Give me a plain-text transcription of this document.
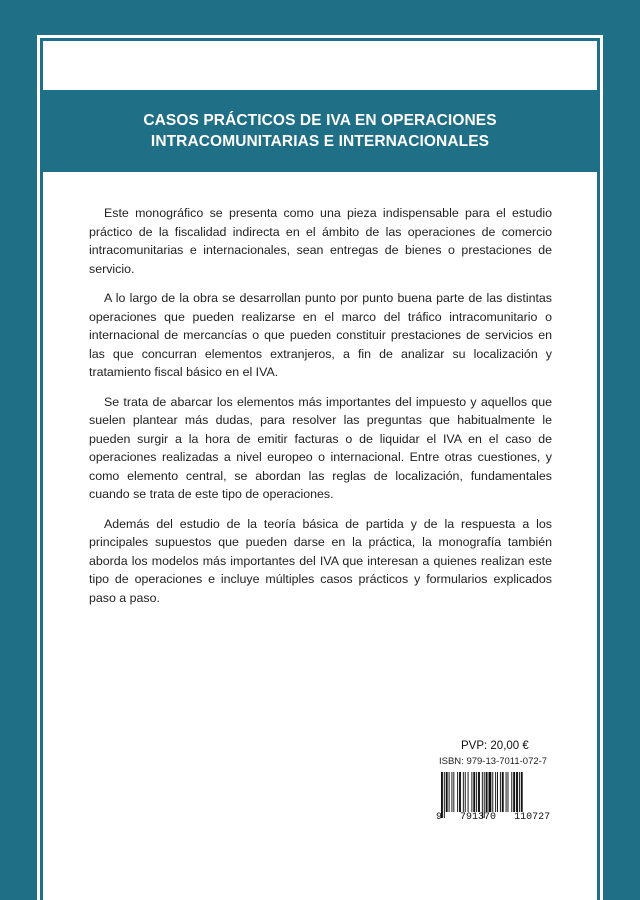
CASOS PRÁCTICOS DE IVA EN OPERACIONES
INTRACOMUNITARIAS E INTERNACIONALES

Este monográfico se presenta como una pieza indispensable para el estudio práctico de la fiscalidad indirecta en el ámbito de las operaciones de comercio intracomunitarias e internacionales, sean entregas de bienes o prestaciones de servicio.

A lo largo de la obra se desarrollan punto por punto buena parte de las distintas operaciones que pueden realizarse en el marco del tráfico intracomunitario o internacional de mercancías o que pueden constituir prestaciones de servicios en las que concurran elementos extranjeros, a fin de analizar su localización y tratamiento fiscal básico en el IVA.

Se trata de abarcar los elementos más importantes del impuesto y aquellos que suelen plantear más dudas, para resolver las preguntas que habitualmente le pueden surgir a la hora de emitir facturas o de liquidar el IVA en el caso de operaciones realizadas a nivel europeo o internacional. Entre otras cuestiones, y como elemento central, se abordan las reglas de localización, fundamentales cuando se trata de este tipo de operaciones.

Además del estudio de la teoría básica de partida y de la respuesta a los principales supuestos que pueden darse en la práctica, la monografía también aborda los modelos más importantes del IVA que interesan a quienes realizan este tipo de operaciones e incluye múltiples casos prácticos y formularios explicados paso a paso.

PVP: 20,00 €
ISBN: 979-13-7011-072-7
9 791370 110727
